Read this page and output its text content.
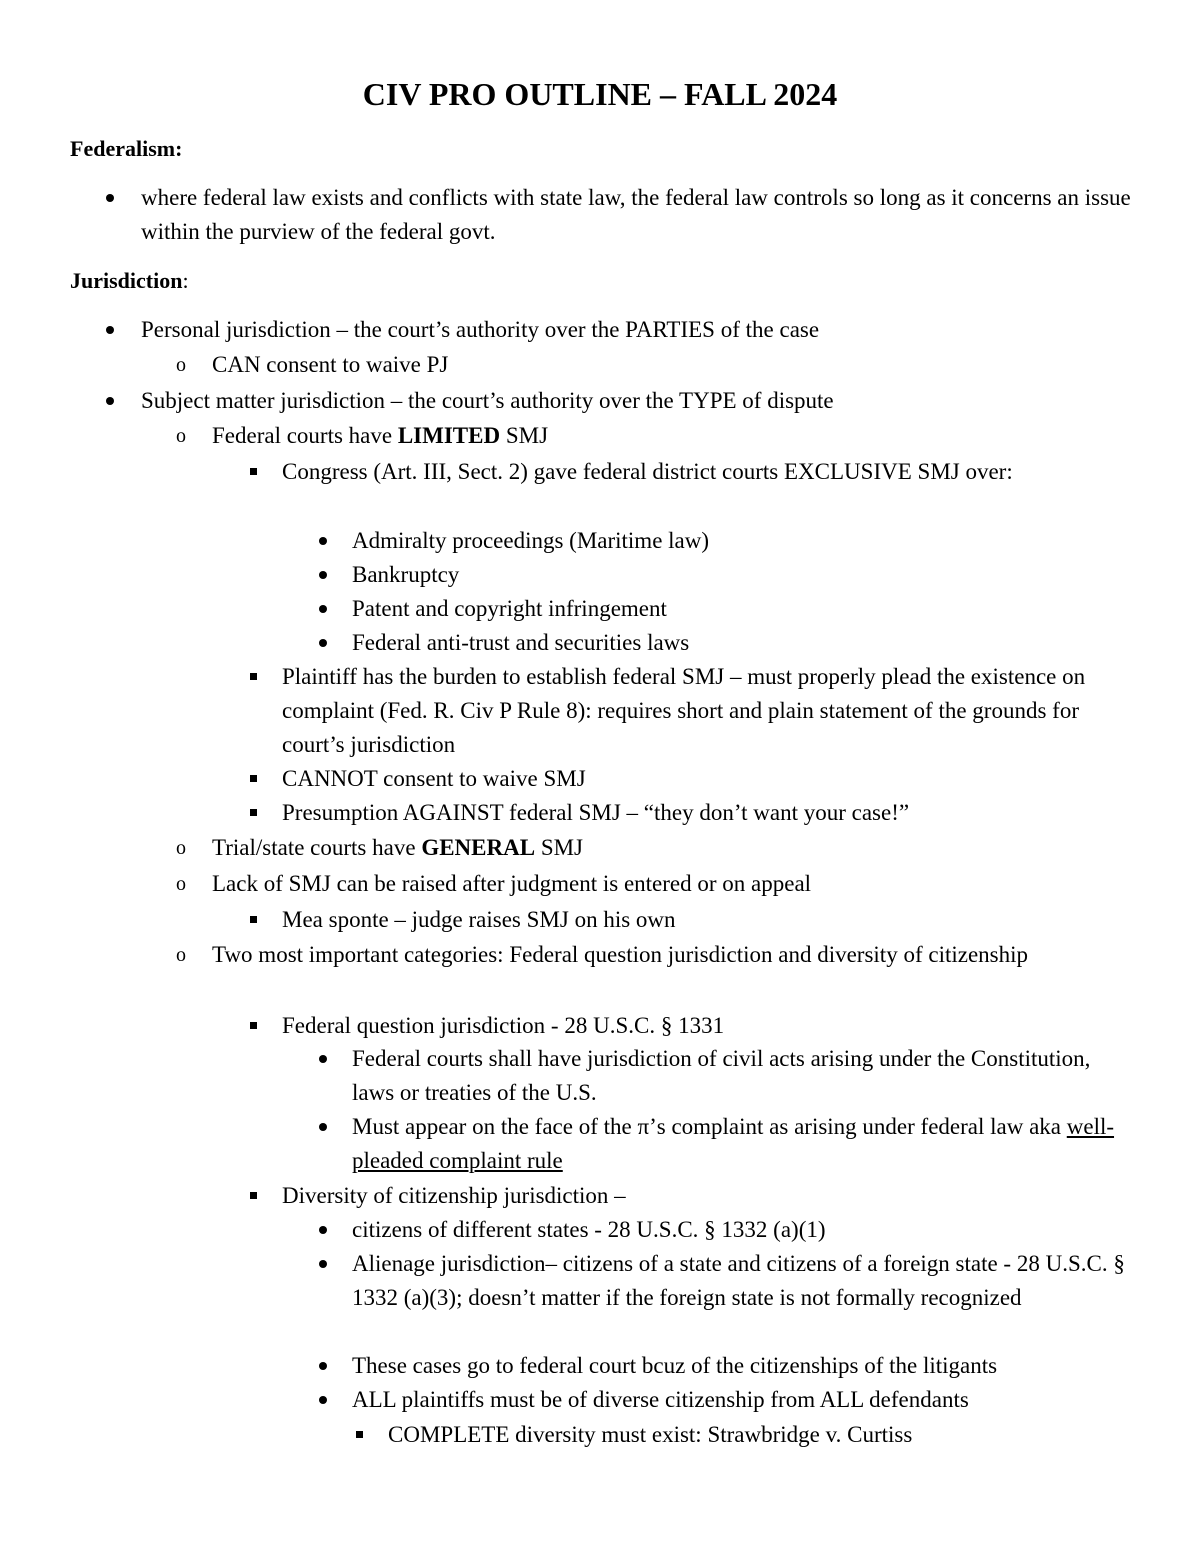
CIV PRO OUTLINE – FALL 2024

Federalism:

where federal law exists and conflicts with state law, the federal law controls so long as it concerns an issue within the purview of the federal govt.

Jurisdiction:

Personal jurisdiction – the court’s authority over the PARTIES of the case
o CAN consent to waive PJ
Subject matter jurisdiction – the court’s authority over the TYPE of dispute
o Federal courts have LIMITED SMJ
Congress (Art. III, Sect. 2) gave federal district courts EXCLUSIVE SMJ over:
Admiralty proceedings (Maritime law)
Bankruptcy
Patent and copyright infringement
Federal anti-trust and securities laws
Plaintiff has the burden to establish federal SMJ – must properly plead the existence on complaint (Fed. R. Civ P Rule 8): requires short and plain statement of the grounds for court’s jurisdiction
CANNOT consent to waive SMJ
Presumption AGAINST federal SMJ – “they don’t want your case!”
o Trial/state courts have GENERAL SMJ
o Lack of SMJ can be raised after judgment is entered or on appeal
Mea sponte – judge raises SMJ on his own
o Two most important categories: Federal question jurisdiction and diversity of citizenship
Federal question jurisdiction - 28 U.S.C. § 1331
Federal courts shall have jurisdiction of civil acts arising under the Constitution, laws or treaties of the U.S.
Must appear on the face of the π’s complaint as arising under federal law aka well-pleaded complaint rule
Diversity of citizenship jurisdiction –
citizens of different states - 28 U.S.C. § 1332 (a)(1)
Alienage jurisdiction– citizens of a state and citizens of a foreign state - 28 U.S.C. § 1332 (a)(3); doesn’t matter if the foreign state is not formally recognized
These cases go to federal court bcuz of the citizenships of the litigants
ALL plaintiffs must be of diverse citizenship from ALL defendants
COMPLETE diversity must exist: Strawbridge v. Curtiss
